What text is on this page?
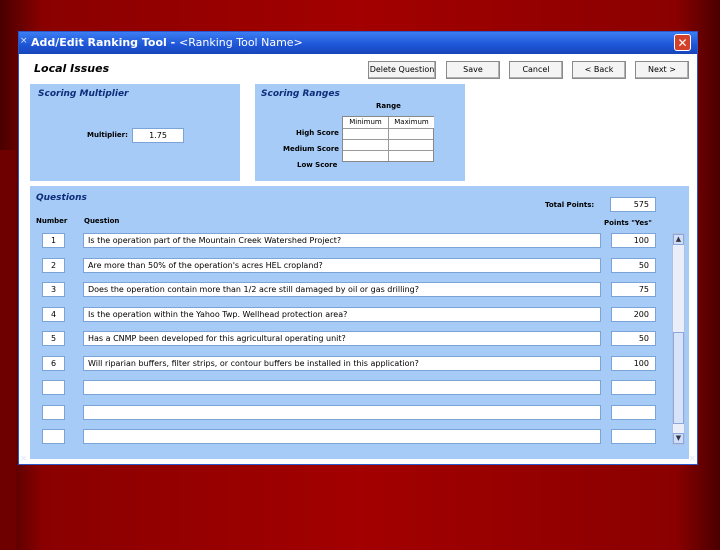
Add/Edit Ranking Tool - <Ranking Tool Name>	✕
×
Local Issues	Delete Question	Save	Cancel	< Back	Next >
Scoring Multiplier
Multiplier:	1.75
Scoring Ranges
Range
Minimum	Maximum
High Score
Medium Score
Low Score
Questions
Total Points:	575
Number Question	Points "Yes"
1	Is the operation part of the Mountain Creek Watershed Project?	100
2	Are more than 50% of the operation's acres HEL cropland?	50
3	Does the operation contain more than 1/2 acre still damaged by oil or gas drilling?	75
4	Is the operation within the Yahoo Twp. Wellhead protection area?	200
5	Has a CNMP been developed for this agricultural operating unit?	50
6	Will riparian buffers, filter strips, or contour buffers be installed in this application?	100
▲
▼
×	×
